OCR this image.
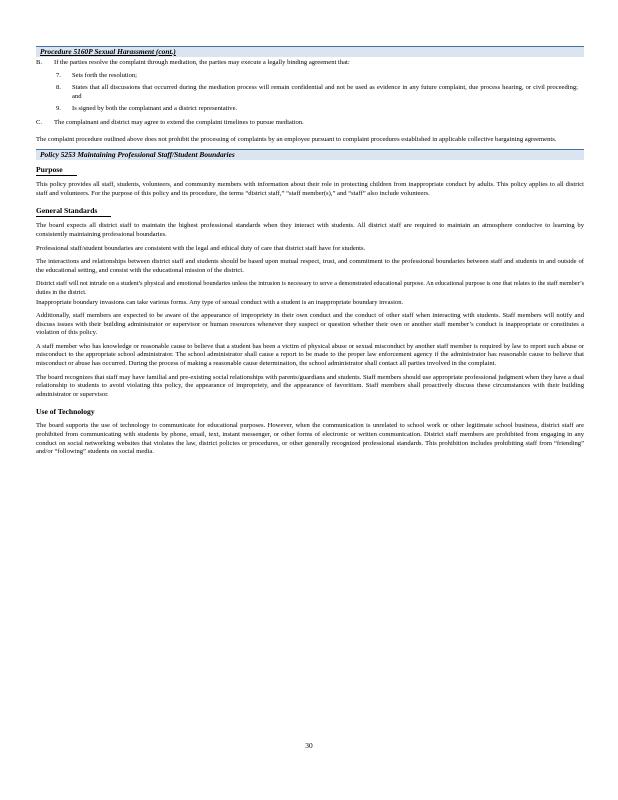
Procedure 5160P Sexual Harassment (cont.)
B.	If the parties resolve the complaint through mediation, the parties may execute a legally binding agreement that:
7.	Sets forth the resolution;
8.	States that all discussions that occurred during the mediation process will remain confidential and not be used as evidence in any future complaint, due process hearing, or civil proceeding; and
9.	Is signed by both the complainant and a district representative.
C.	The complainant and district may agree to extend the complaint timelines to pursue mediation.

The complaint procedure outlined above does not prohibit the processing of complaints by an employee pursuant to complaint procedures established in applicable collective bargaining agreements.

Policy 5253 Maintaining Professional Staff/Student Boundaries
Purpose

This policy provides all staff, students, volunteers, and community members with information about their role in protecting children from inappropriate conduct by adults. This policy applies to all district staff and volunteers. For the purpose of this policy and its procedure, the terms “district staff,” “staff member(s),” and “staff” also include volunteers.

General Standards

The board expects all district staff to maintain the highest professional standards when they interact with students. All district staff are required to maintain an atmosphere conducive to learning by consistently maintaining professional boundaries.

Professional staff/student boundaries are consistent with the legal and ethical duty of care that district staff have for students.

The interactions and relationships between district staff and students should be based upon mutual respect, trust, and commitment to the professional boundaries between staff and students in and outside of the educational setting, and consist with the educational mission of the district.

District staff will not intrude on a student’s physical and emotional boundaries unless the intrusion is necessary to serve a demonstrated educational purpose. An educational purpose is one that relates to the staff member’s duties in the district.

Inappropriate boundary invasions can take various forms. Any type of sexual conduct with a student is an inappropriate boundary invasion.

Additionally, staff members are expected to be aware of the appearance of impropriety in their own conduct and the conduct of other staff when interacting with students. Staff members will notify and discuss issues with their building administrator or supervisor or human resources whenever they suspect or question whether their own or another staff member’s conduct is inappropriate or constitutes a violation of this policy.

A staff member who has knowledge or reasonable cause to believe that a student has been a victim of physical abuse or sexual misconduct by another staff member is required by law to report such abuse or misconduct to the appropriate school administrator. The school administrator shall cause a report to be made to the proper law enforcement agency if the administrator has reasonable cause to believe that misconduct or abuse has occurred. During the process of making a reasonable cause determination, the school administrator shall contact all parties involved in the complaint.

The board recognizes that staff may have familial and pre-existing social relationships with parents/guardians and students. Staff members should use appropriate professional judgment when they have a dual relationship to students to avoid violating this policy, the appearance of impropriety, and the appearance of favoritism. Staff members shall proactively discuss these circumstances with their building administrator or supervisor.

Use of Technology

The board supports the use of technology to communicate for educational purposes. However, when the communication is unrelated to school work or other legitimate school business, district staff are prohibited from communicating with students by phone, email, text, instant messenger, or other forms of electronic or written communication. District staff members are prohibited from engaging in any conduct on social networking websites that violates the law, district policies or procedures, or other generally recognized professional standards. This prohibition includes prohibiting staff from “friending” and/or “following” students on social media.

30
